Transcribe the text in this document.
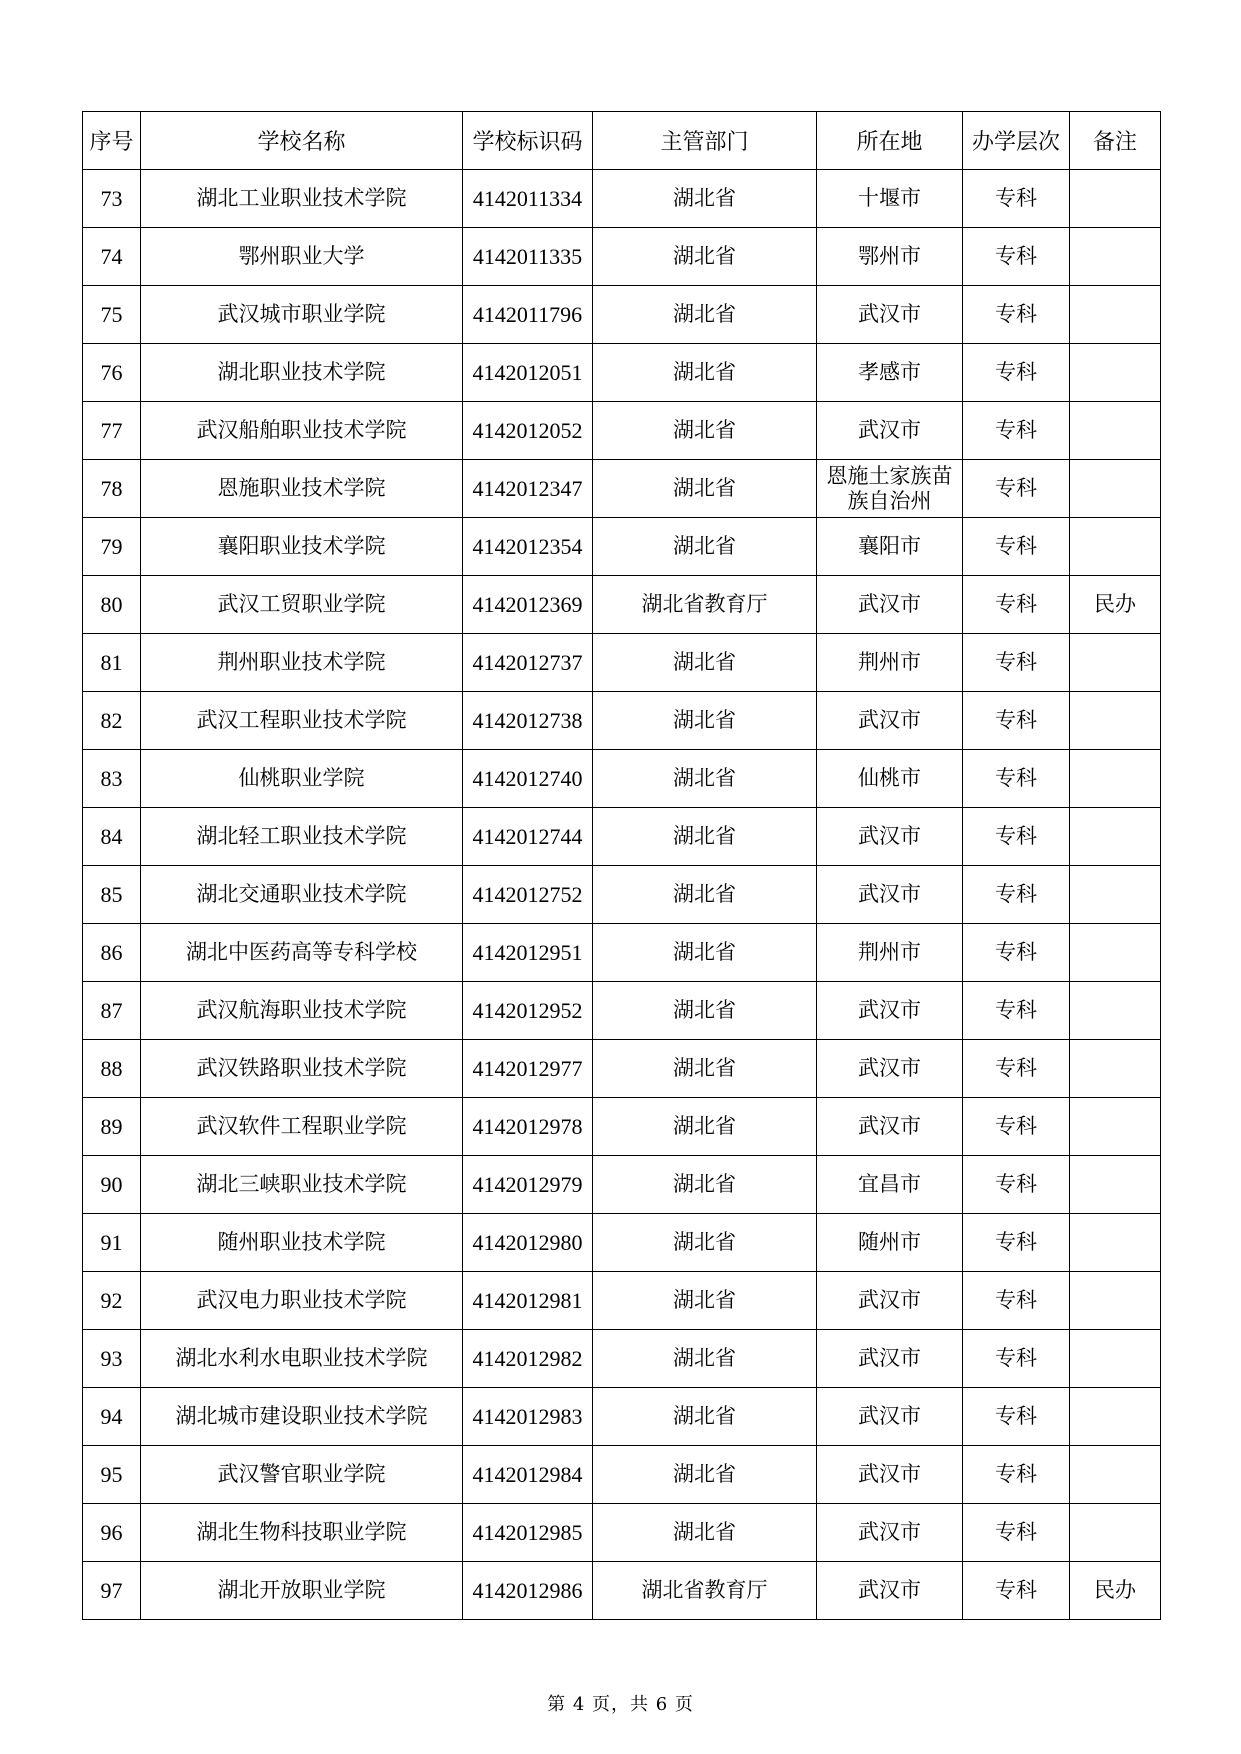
序号	学校名称	学校标识码	主管部门	所在地	办学层次	备注
73	湖北工业职业技术学院	4142011334	湖北省	十堰市	专科	
74	鄂州职业大学	4142011335	湖北省	鄂州市	专科	
75	武汉城市职业学院	4142011796	湖北省	武汉市	专科	
76	湖北职业技术学院	4142012051	湖北省	孝感市	专科	
77	武汉船舶职业技术学院	4142012052	湖北省	武汉市	专科	
78	恩施职业技术学院	4142012347	湖北省	恩施土家族苗族自治州	专科	
79	襄阳职业技术学院	4142012354	湖北省	襄阳市	专科	
80	武汉工贸职业学院	4142012369	湖北省教育厅	武汉市	专科	民办
81	荆州职业技术学院	4142012737	湖北省	荆州市	专科	
82	武汉工程职业技术学院	4142012738	湖北省	武汉市	专科	
83	仙桃职业学院	4142012740	湖北省	仙桃市	专科	
84	湖北轻工职业技术学院	4142012744	湖北省	武汉市	专科	
85	湖北交通职业技术学院	4142012752	湖北省	武汉市	专科	
86	湖北中医药高等专科学校	4142012951	湖北省	荆州市	专科	
87	武汉航海职业技术学院	4142012952	湖北省	武汉市	专科	
88	武汉铁路职业技术学院	4142012977	湖北省	武汉市	专科	
89	武汉软件工程职业学院	4142012978	湖北省	武汉市	专科	
90	湖北三峡职业技术学院	4142012979	湖北省	宜昌市	专科	
91	随州职业技术学院	4142012980	湖北省	随州市	专科	
92	武汉电力职业技术学院	4142012981	湖北省	武汉市	专科	
93	湖北水利水电职业技术学院	4142012982	湖北省	武汉市	专科	
94	湖北城市建设职业技术学院	4142012983	湖北省	武汉市	专科	
95	武汉警官职业学院	4142012984	湖北省	武汉市	专科	
96	湖北生物科技职业学院	4142012985	湖北省	武汉市	专科	
97	湖北开放职业学院	4142012986	湖北省教育厅	武汉市	专科	民办
第 4 页，共 6 页
